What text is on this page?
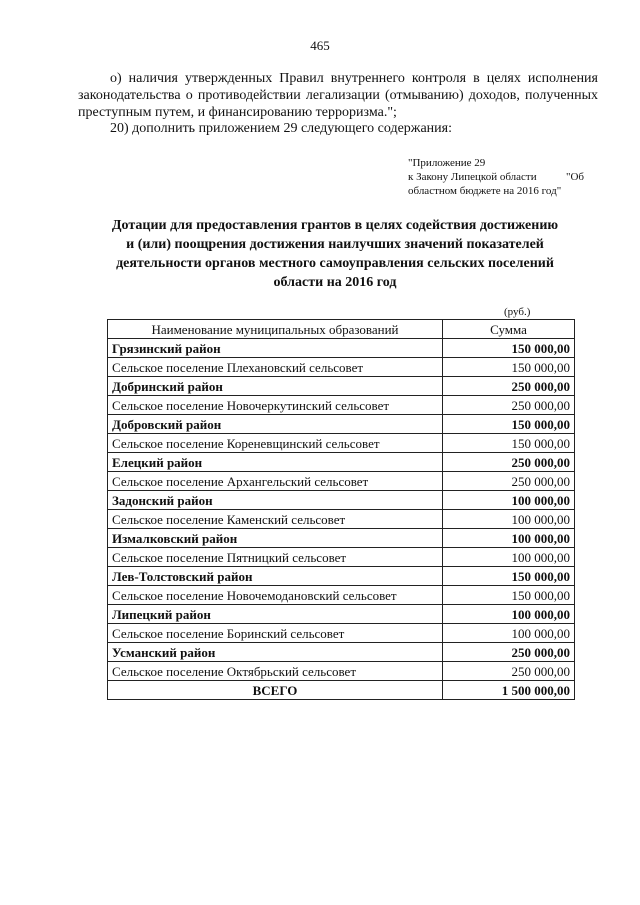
465
о) наличия утвержденных Правил внутреннего контроля в целях исполнения законодательства о противодействии легализации (отмыванию) доходов, полученных преступным путем, и финансированию терроризма.";
20) дополнить приложением 29 следующего содержания:
"Приложение 29
к Закону Липецкой области	"Об
областном бюджете на 2016 год"
Дотации для предоставления грантов в целях содействия достижению и (или) поощрения достижения наилучших значений показателей деятельности органов местного самоуправления сельских поселений области на 2016 год
(руб.)
Наименование муниципальных образований	Сумма
Грязинский район	150 000,00
Сельское поселение Плехановский сельсовет	150 000,00
Добринский район	250 000,00
Сельское поселение Новочеркутинский сельсовет	250 000,00
Добровский район	150 000,00
Сельское поселение Кореневщинский сельсовет	150 000,00
Елецкий район	250 000,00
Сельское поселение Архангельский сельсовет	250 000,00
Задонский район	100 000,00
Сельское поселение Каменский сельсовет	100 000,00
Измалковский район	100 000,00
Сельское поселение Пятницкий сельсовет	100 000,00
Лев-Толстовский район	150 000,00
Сельское поселение Новочемодановский сельсовет	150 000,00
Липецкий район	100 000,00
Сельское поселение Боринский сельсовет	100 000,00
Усманский район	250 000,00
Сельское поселение Октябрьский сельсовет	250 000,00
ВСЕГО	1 500 000,00
